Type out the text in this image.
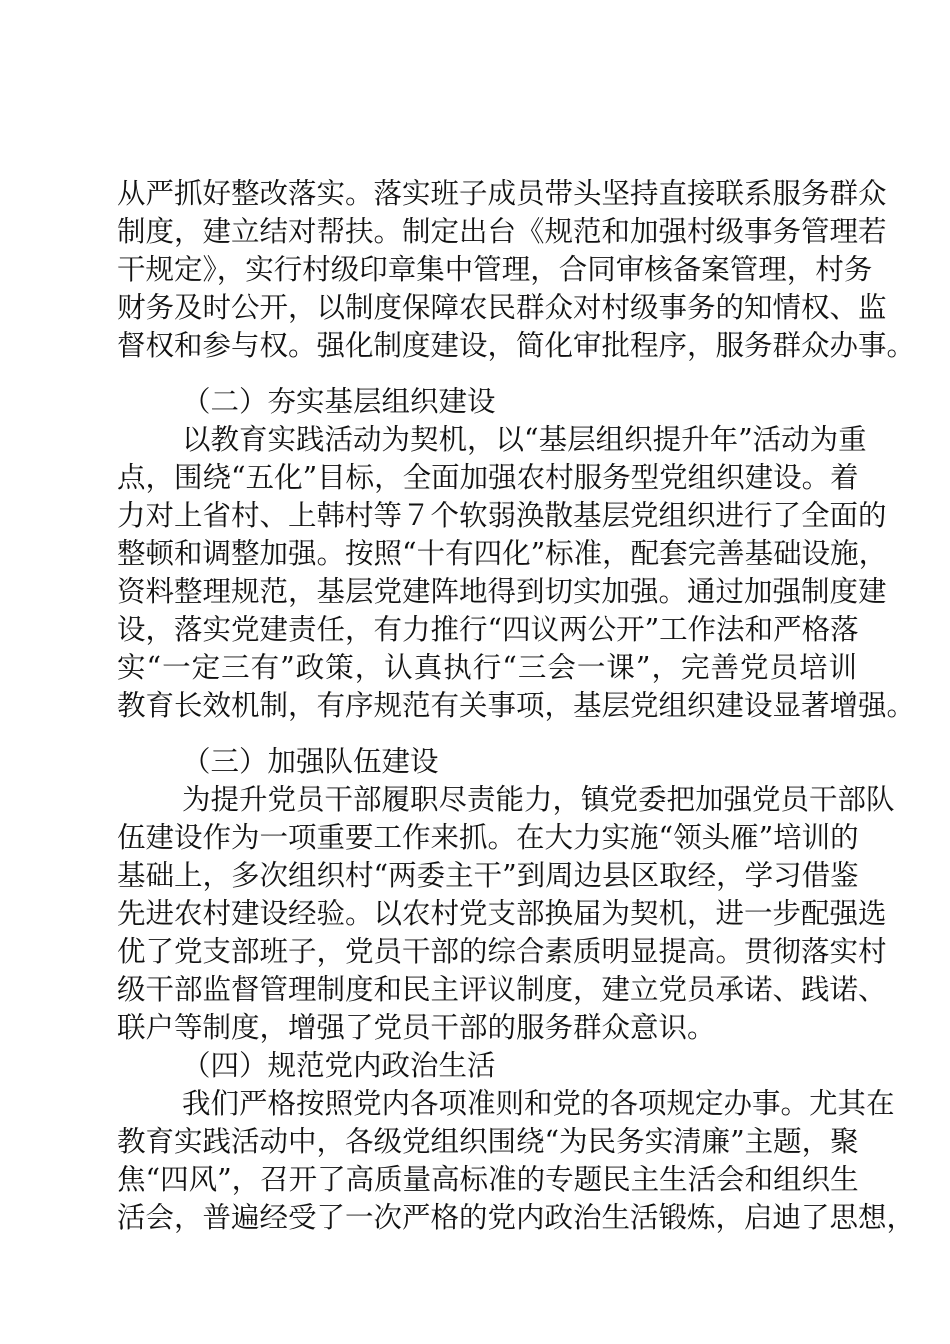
从严抓好整改落实。落实班子成员带头坚持直接联系服务群众
制度，建立结对帮扶。制定出台《规范和加强村级事务管理若
干规定》，实行村级印章集中管理，合同审核备案管理，村务
财务及时公开，以制度保障农民群众对村级事务的知情权、监
督权和参与权。强化制度建设，简化审批程序，服务群众办事。
（二）夯实基层组织建设
以教育实践活动为契机，以“基层组织提升年”活动为重
点，围绕“五化”目标，全面加强农村服务型党组织建设。着
力对上省村、上韩村等７个软弱涣散基层党组织进行了全面的
整顿和调整加强。按照“十有四化”标准，配套完善基础设施，
资料整理规范，基层党建阵地得到切实加强。通过加强制度建
设，落实党建责任，有力推行“四议两公开”工作法和严格落
实“一定三有”政策，认真执行“三会一课”，完善党员培训
教育长效机制，有序规范有关事项，基层党组织建设显著增强。
（三）加强队伍建设
为提升党员干部履职尽责能力，镇党委把加强党员干部队
伍建设作为一项重要工作来抓。在大力实施“领头雁”培训的
基础上，多次组织村“两委主干”到周边县区取经，学习借鉴
先进农村建设经验。以农村党支部换届为契机，进一步配强选
优了党支部班子，党员干部的综合素质明显提高。贯彻落实村
级干部监督管理制度和民主评议制度，建立党员承诺、践诺、
联户等制度，增强了党员干部的服务群众意识。
（四）规范党内政治生活
我们严格按照党内各项准则和党的各项规定办事。尤其在
教育实践活动中，各级党组织围绕“为民务实清廉”主题，聚
焦“四风”，召开了高质量高标准的专题民主生活会和组织生
活会，普遍经受了一次严格的党内政治生活锻炼，启迪了思想，
